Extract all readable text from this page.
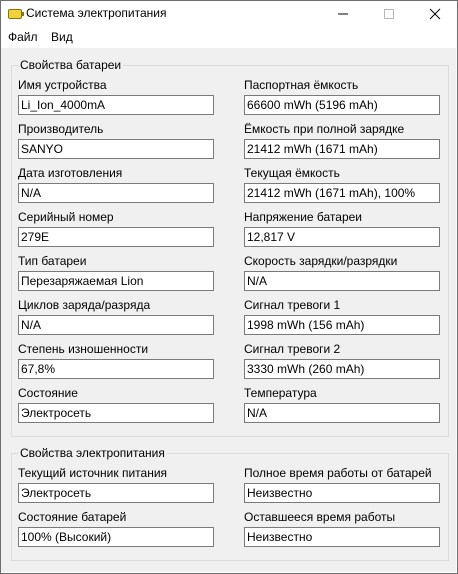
Система электропитания
Файл Вид
Свойства батареи
Имя устройства
Li_Ion_4000mA
Паспортная ёмкость
66600 mWh (5196 mAh)
Производитель
SANYO
Ёмкость при полной зарядке
21412 mWh (1671 mAh)
Дата изготовления
N/A
Текущая ёмкость
21412 mWh (1671 mAh), 100%
Серийный номер
279E
Напряжение батареи
12,817 V
Тип батареи
Перезаряжаемая Lion
Скорость зарядки/разрядки
N/A
Циклов заряда/разряда
N/A
Сигнал тревоги 1
1998 mWh (156 mAh)
Степень изношенности
67,8%
Сигнал тревоги 2
3330 mWh (260 mAh)
Состояние
Электросеть
Температура
N/A
Свойства электропитания
Текущий источник питания
Электросеть
Полное время работы от батарей
Неизвестно
Состояние батарей
100% (Высокий)
Оставшееся время работы
Неизвестно
